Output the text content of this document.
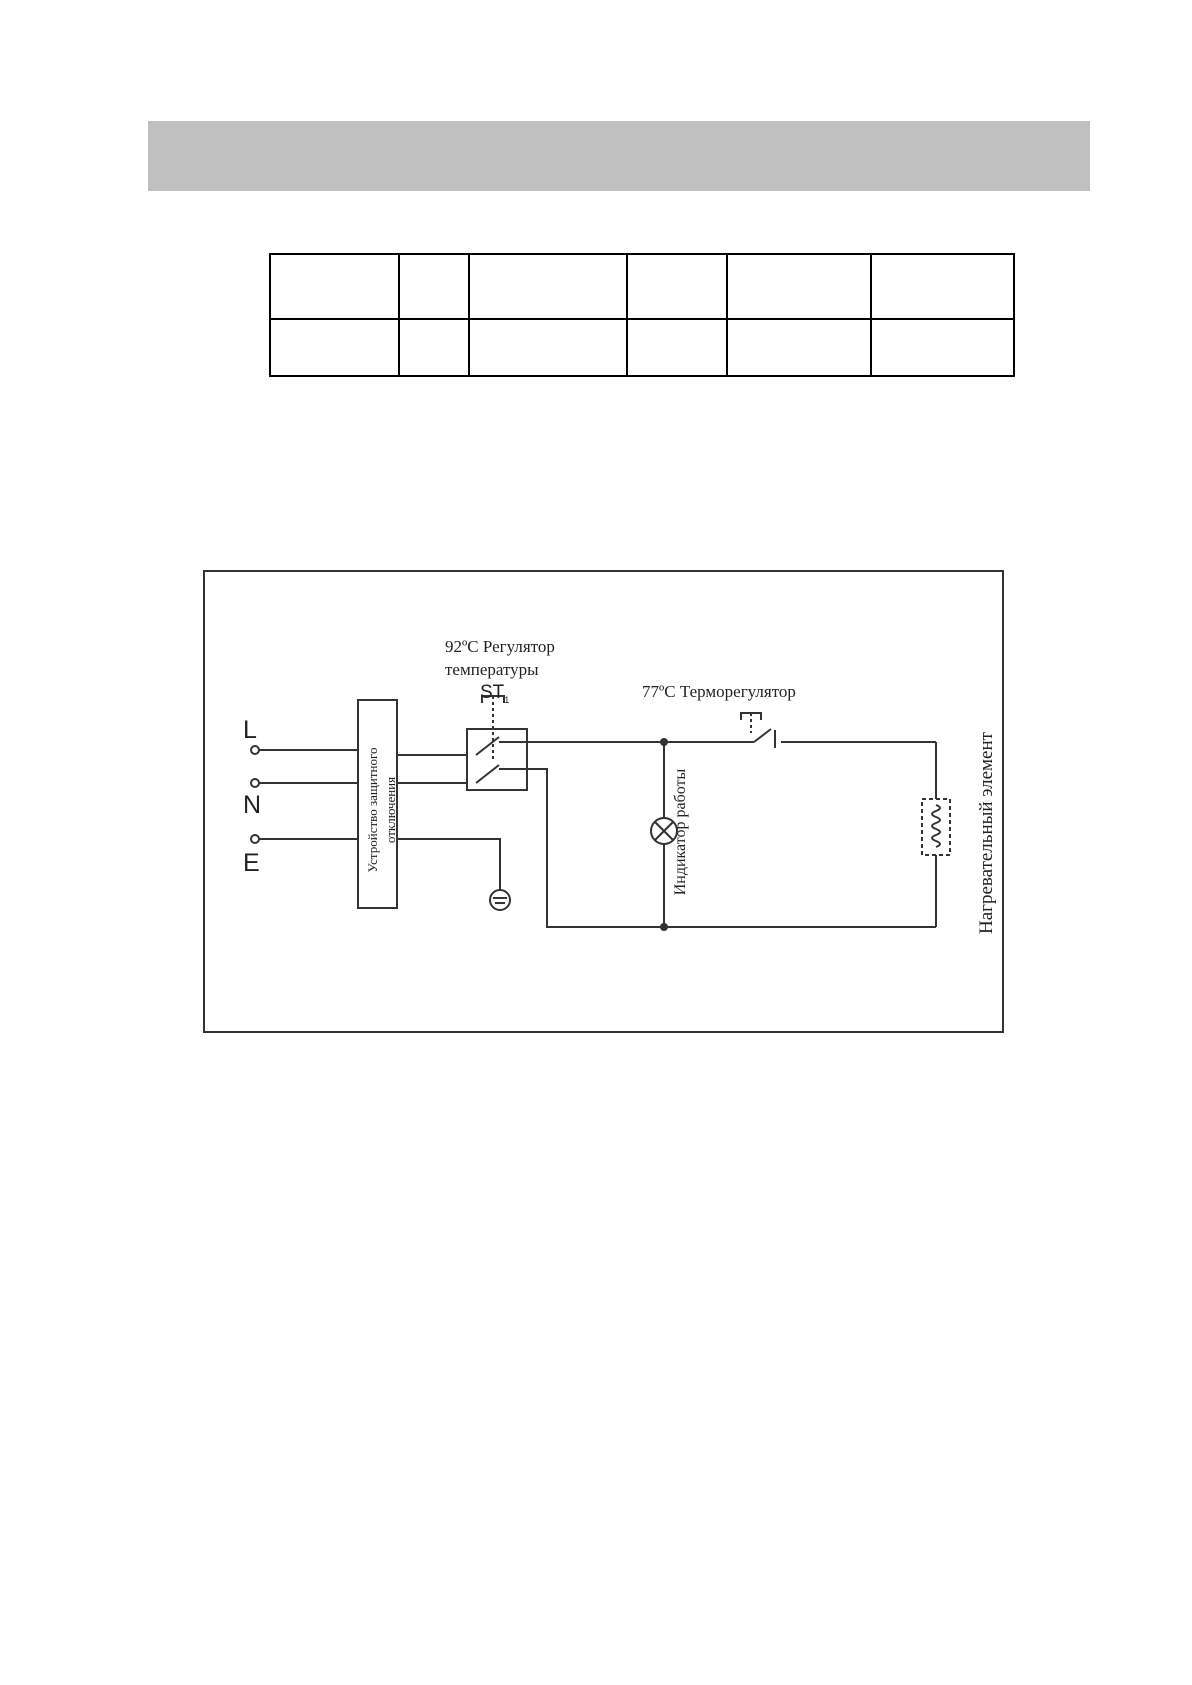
L
N
E	Устройство защитного отключения
92ºC Регулятор
температуры
$ST_1$	77ºC Терморегулятор
Индикатор работы	Нагревательный элемент
